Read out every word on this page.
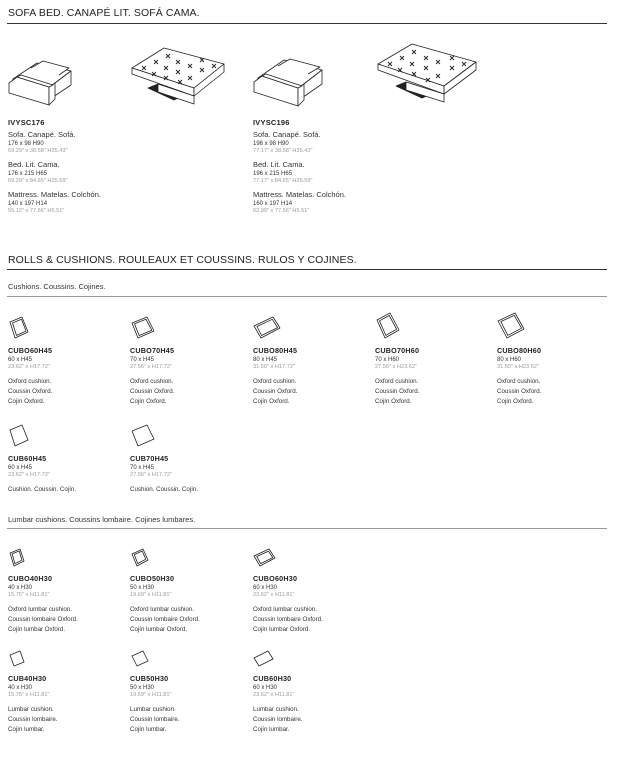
SOFA BED. CANAPÉ LIT. SOFÁ CAMA.
IVYSC176
Sofa. Canapé. Sofá.
176 x 98 H90
69.29" x 38.58" H35.43"
Bed. Lit. Cama.
176 x 215 H65
69.29" x 84.65" H25.59"
Mattress. Matelas. Colchón.
140 x 197 H14
55.12" x 77.56" H5.51"
IVYSC196
Sofa. Canapé. Sofá.
196 x 98 H90
77.17" x 38.58" H35.43"
Bed. Lit. Cama.
196 x 215 H65
77.17" x 84.65" H25.59"
Mattress. Matelas. Colchón.
160 x 197 H14
62.99" x 77.56" H5.51"
ROLLS & CUSHIONS. ROULEAUX ET COUSSINS. RULOS Y COJINES.
Cushions. Coussins. Cojines.
CUBO60H45
60 x H45
23.62" x H17.72"
Oxford cushion.
Coussin Oxford.
Cojín Oxford.
CUBO70H45
70 x H45
27.56" x H17.72"
Oxford cushion.
Coussin Oxford.
Cojín Oxford.
CUBO80H45
80 x H45
31.50" x H17.72"
Oxford cushion.
Coussin Oxford.
Cojín Oxford.
CUBO70H60
70 x H60
27.56" x H23.62"
Oxford cushion.
Coussin Oxford.
Cojín Oxford.
CUBO80H60
80 x H60
31.50" x H23.62"
Oxford cushion.
Coussin Oxford.
Cojín Oxford.
CUB60H45
60 x H45
23.62" x H17.72"
Cushion. Coussin. Cojín.
CUB70H45
70 x H45
27.56" x H17.72"
Cushion. Coussin. Cojín.
Lumbar cushions. Coussins lombaire. Cojines lumbares.
CUBO40H30
40 x H30
15.75" x H11.81"
Oxford lumbar cushion.
Coussin lombaire Oxford.
Cojín lumbar Oxford.
CUBO50H30
50 x H30
19.69" x H11.81"
Oxford lumbar cushion.
Coussin lombaire Oxford.
Cojín lumbar Oxford.
CUBO60H30
60 x H30
23.62" x H11.81"
Oxford lumbar cushion.
Coussin lombaire Oxford.
Cojín lumbar Oxford.
CUB40H30
40 x H30
15.75" x H11.81"
Lumbar cushion.
Coussin lombaire.
Cojín lumbar.
CUB50H30
50 x H30
19.69" x H11.81"
Lumbar cushion.
Coussin lombaire.
Cojín lumbar.
CUB60H30
60 x H30
23.62" x H11.81"
Lumbar cushion.
Coussin lombaire.
Cojín lumbar.
